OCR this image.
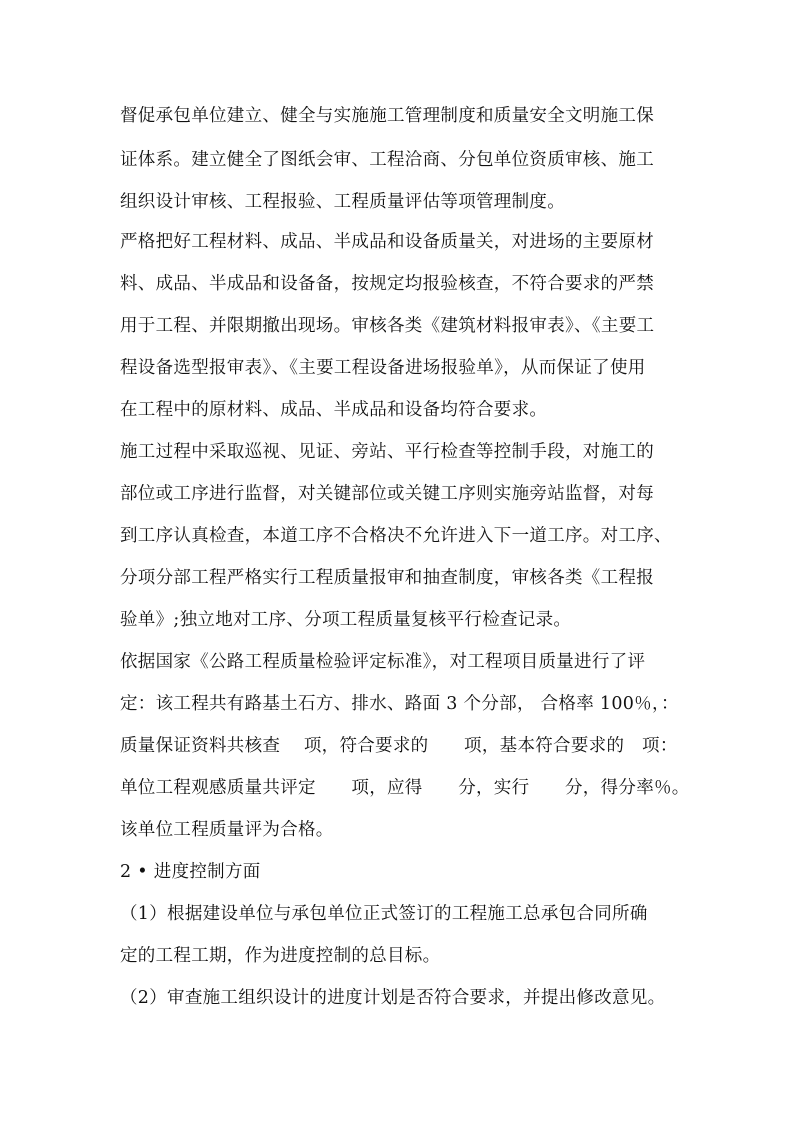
督促承包单位建立、健全与实施施工管理制度和质量安全文明施工保
证体系。建立健全了图纸会审、工程洽商、分包单位资质审核、施工
组织设计审核、工程报验、工程质量评估等项管理制度。
严格把好工程材料、成品、半成品和设备质量关，对进场的主要原材
料、成品、半成品和设备备，按规定均报验核查，不符合要求的严禁
用于工程、并限期撤出现场。审核各类《建筑材料报审表》、《主要工
程设备选型报审表》、《主要工程设备进场报验单》，从而保证了使用
在工程中的原材料、成品、半成品和设备均符合要求。
施工过程中采取巡视、见证、旁站、平行检查等控制手段，对施工的
部位或工序进行监督，对关键部位或关键工序则实施旁站监督，对每
到工序认真检查，本道工序不合格决不允许进入下一道工序。对工序、
分项分部工程严格实行工程质量报审和抽查制度，审核各类《工程报
验单》;独立地对工序、分项工程质量复核平行检查记录。
依据国家《公路工程质量检验评定标准》，对工程项目质量进行了评
定：该工程共有路基土石方、排水、路面 3 个分部， 合格率 100％，：
质量保证资料共核查　 项，符合要求的　　项，基本符合要求的　项：
单位工程观感质量共评定　　项，应得　　分，实行　　分，得分率％。
该单位工程质量评为合格。
2 • 进度控制方面
（1）根据建设单位与承包单位正式签订的工程施工总承包合同所确
定的工程工期，作为进度控制的总目标。
（2）审查施工组织设计的进度计划是否符合要求，并提出修改意见。
